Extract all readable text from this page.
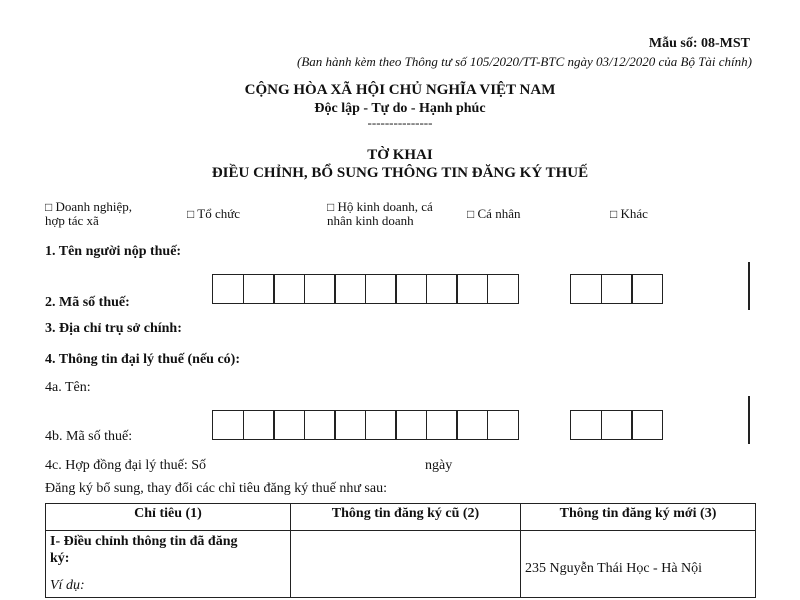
Mẫu số: 08-MST
(Ban hành kèm theo Thông tư số 105/2020/TT-BTC ngày 03/12/2020 của Bộ Tài chính)
CỘNG HÒA XÃ HỘI CHỦ NGHĨA VIỆT NAM
Độc lập - Tự do - Hạnh phúc
---------------
TỜ KHAI
ĐIỀU CHỈNH, BỔ SUNG THÔNG TIN ĐĂNG KÝ THUẾ
□ Doanh nghiệp,
hợp tác xã	□ Tổ chức	□ Hộ kinh doanh, cá
nhân kinh doanh	□ Cá nhân	□ Khác
1. Tên người nộp thuế:
2. Mã số thuế:
3. Địa chỉ trụ sở chính:
4. Thông tin đại lý thuế (nếu có):
4a. Tên:
4b. Mã số thuế:
4c. Hợp đồng đại lý thuế: Số	ngày
Đăng ký bổ sung, thay đổi các chỉ tiêu đăng ký thuế như sau:
Chỉ tiêu (1)	Thông tin đăng ký cũ (2)	Thông tin đăng ký mới (3)

I- Điều chỉnh thông tin đã đăng
ký:
Ví dụ:		235 Nguyễn Thái Học - Hà Nội
